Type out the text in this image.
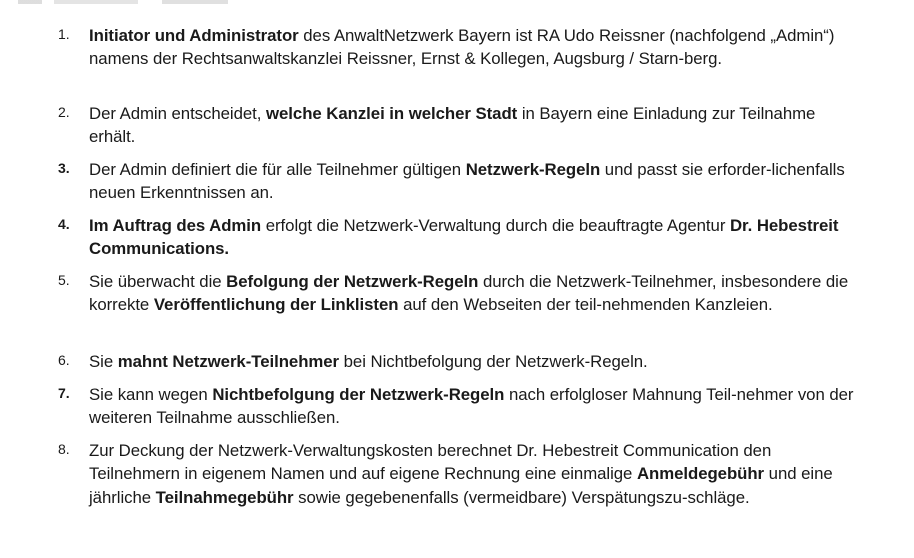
1.	Initiator und Administrator des AnwaltNetzwerk Bayern ist RA Udo Reissner (nachfolgend „Admin“) namens der Rechtsanwaltskanzlei Reissner, Ernst & Kollegen, Augsburg / Starn-berg.
2.	Der Admin entscheidet, welche Kanzlei in welcher Stadt in Bayern eine Einladung zur Teilnahme erhält.
3.	Der Admin definiert die für alle Teilnehmer gültigen Netzwerk-Regeln und passt sie erforder-lichenfalls neuen Erkenntnissen an.
4.	Im Auftrag des Admin erfolgt die Netzwerk-Verwaltung durch die beauftragte Agentur Dr. Hebestreit Communications.
5.	Sie überwacht die Befolgung der Netzwerk-Regeln durch die Netzwerk-Teilnehmer, insbesondere die korrekte Veröffentlichung der Linklisten auf den Webseiten der teil-nehmenden Kanzleien.
6.	Sie mahnt Netzwerk-Teilnehmer bei Nichtbefolgung der Netzwerk-Regeln.
7.	Sie kann wegen Nichtbefolgung der Netzwerk-Regeln nach erfolgloser Mahnung Teil-nehmer von der weiteren Teilnahme ausschließen.
8.	Zur Deckung der Netzwerk-Verwaltungskosten berechnet Dr. Hebestreit Communication den Teilnehmern in eigenem Namen und auf eigene Rechnung eine einmalige Anmeldegebühr und eine jährliche Teilnahmegebühr sowie gegebenenfalls (vermeidbare) Verspätungszu-schläge.
